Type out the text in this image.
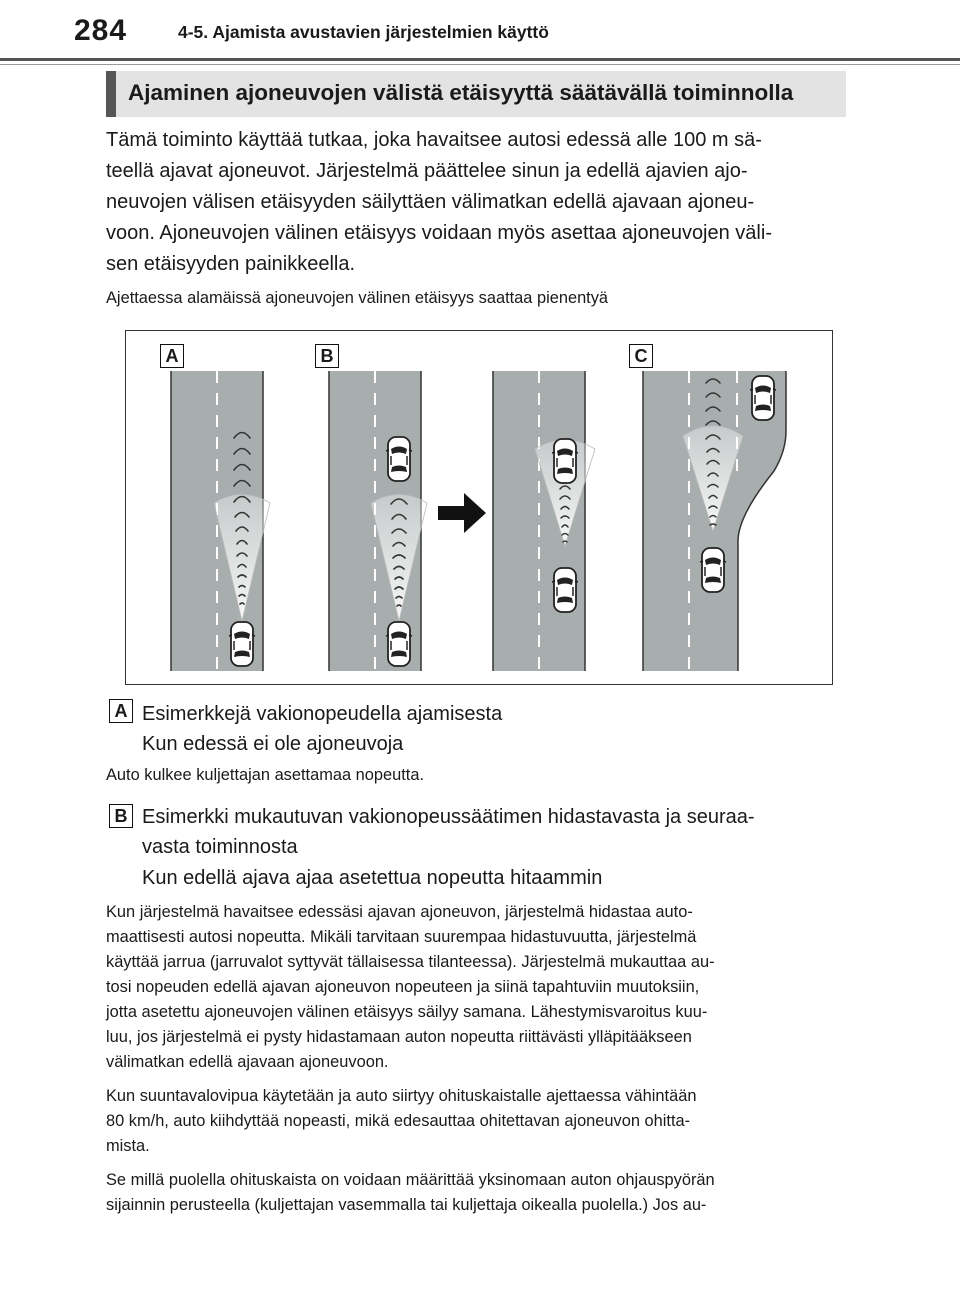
284	4-5. Ajamista avustavien järjestelmien käyttö
Ajaminen ajoneuvojen välistä etäisyyttä säätävällä toiminnolla
Tämä toiminto käyttää tutkaa, joka havaitsee autosi edessä alle 100 m sä-
teellä ajavat ajoneuvot. Järjestelmä päättelee sinun ja edellä ajavien ajo-
neuvojen välisen etäisyyden säilyttäen välimatkan edellä ajavaan ajoneu-
voon. Ajoneuvojen välinen etäisyys voidaan myös asettaa ajoneuvojen väli-
sen etäisyyden painikkeella.
Ajettaessa alamäissä ajoneuvojen välinen etäisyys saattaa pienentyä
A	B	C
A Esimerkkejä vakionopeudella ajamisesta
Kun edessä ei ole ajoneuvoja
Auto kulkee kuljettajan asettamaa nopeutta.
B Esimerkki mukautuvan vakionopeussäätimen hidastavasta ja seuraa-
vasta toiminnosta
Kun edellä ajava ajaa asetettua nopeutta hitaammin
Kun järjestelmä havaitsee edessäsi ajavan ajoneuvon, järjestelmä hidastaa auto-
maattisesti autosi nopeutta. Mikäli tarvitaan suurempaa hidastuvuutta, järjestelmä
käyttää jarrua (jarruvalot syttyvät tällaisessa tilanteessa). Järjestelmä mukauttaa au-
tosi nopeuden edellä ajavan ajoneuvon nopeuteen ja siinä tapahtuviin muutoksiin,
jotta asetettu ajoneuvojen välinen etäisyys säilyy samana. Lähestymisvaroitus kuu-
luu, jos järjestelmä ei pysty hidastamaan auton nopeutta riittävästi ylläpitääkseen
välimatkan edellä ajavaan ajoneuvoon.
Kun suuntavalovipua käytetään ja auto siirtyy ohituskaistalle ajettaessa vähintään
80 km/h, auto kiihdyttää nopeasti, mikä edesauttaa ohitettavan ajoneuvon ohitta-
mista.
Se millä puolella ohituskaista on voidaan määrittää yksinomaan auton ohjauspyörän
sijainnin perusteella (kuljettajan vasemmalla tai kuljettaja oikealla puolella.) Jos au-
